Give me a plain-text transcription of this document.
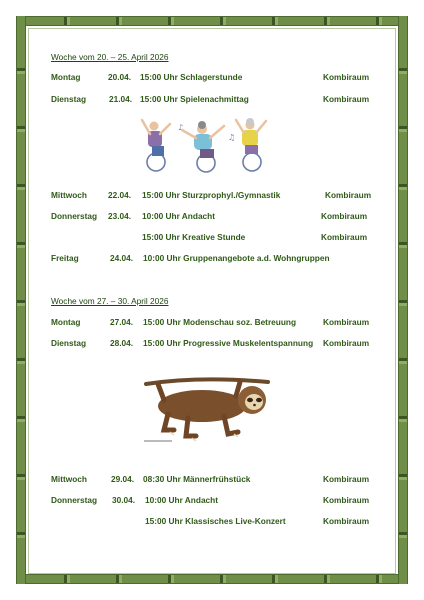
Woche vom 20. – 25. April 2026
Montag	20.04. 15:00 Uhr Schlagerstunde	Kombiraum
Dienstag	21.04. 15:00 Uhr Spielenachmittag	Kombiraum
♪
♫
Mittwoch	22.04. 15:00 Uhr Sturzprophyl./Gymnastik	Kombiraum
Donnerstag 23.04. 10:00 Uhr Andacht	Kombiraum
15:00 Uhr Kreative Stunde	Kombiraum
Freitag	24.04. 10:00 Uhr Gruppenangebote a.d. Wohngruppen
Woche vom 27. – 30. April 2026
Montag	27.04. 15:00 Uhr Modenschau soz. Betreuung	Kombiraum
Dienstag	28.04. 15:00 Uhr Progressive Muskelentspannung Kombiraum
Mittwoch	29.04. 08:30 Uhr Männerfrühstück	Kombiraum
Donnerstag 30.04. 10:00 Uhr Andacht	Kombiraum
15:00 Uhr Klassisches Live-Konzert	Kombiraum
